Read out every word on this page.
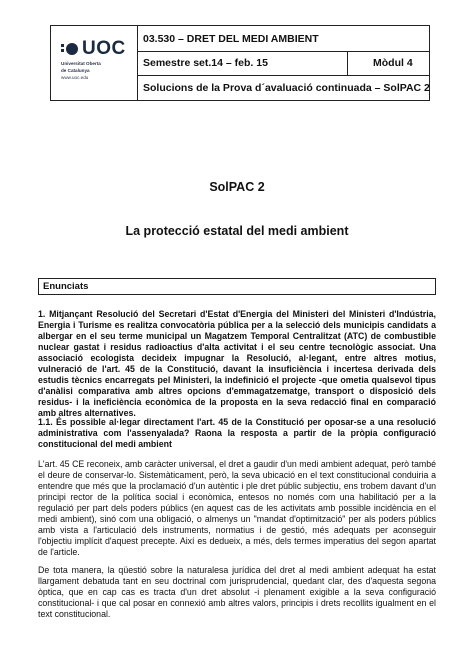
UOC
Universitat Oberta
de Catalunya
www.uoc.edu
03.530 – DRET DEL MEDI AMBIENT
Semestre set.14 – feb. 15	Mòdul 4
Solucions de la Prova d´avaluació continuada – SolPAC 2
SolPAC 2
La protecció estatal del medi ambient
Enunciats
1. Mitjançant Resolució del Secretari d'Estat d'Energia del Ministeri del Ministeri d'Indústria, Energia i Turisme es realitza convocatòria pública per a la selecció dels municipis candidats a albergar en el seu terme municipal un Magatzem Temporal Centralitzat (ATC) de combustible nuclear gastat i residus radioactius d'alta activitat i el seu centre tecnològic associat. Una associació ecologista decideix impugnar la Resolució, al·legant, entre altres motius, vulneració de l'art. 45 de la Constitució, davant la insuficiència i incertesa derivada dels estudis tècnics encarregats pel Ministeri, la indefinició el projecte -que ometia qualsevol tipus d'anàlisi comparativa amb altres opcions d'emmagatzematge, transport o disposició dels residus- i la ineficiència econòmica de la proposta en la seva redacció final en comparació amb altres alternatives.
1.1. És possible al·legar directament l'art. 45 de la Constitució per oposar-se a una resolució administrativa com l'assenyalada? Raona la resposta a partir de la pròpia configuració constitucional del medi ambient
L'art. 45 CE reconeix, amb caràcter universal, el dret a gaudir d'un medi ambient adequat, però també el deure de conservar-lo. Sistemàticament, però, la seva ubicació en el text constitucional conduiria a entendre que més que la proclamació d'un autèntic i ple dret públic subjectiu, ens trobem davant d'un principi rector de la política social i econòmica, entesos no només com una habilitació per a la regulació per part dels poders públics (en aquest cas de les activitats amb possible incidència en el medi ambient), sinó com una obligació, o almenys un "mandat d'optimització" per als poders públics amb vista a l'articulació dels instruments, normatius i de gestió, més adequats per aconseguir l'objectiu implícit d'aquest precepte. Així es dedueix, a més, dels termes imperatius del segon apartat de l'article.
De tota manera, la qüestió sobre la naturalesa jurídica del dret al medi ambient adequat ha estat llargament debatuda tant en seu doctrinal com jurisprudencial, quedant clar, des d'aquesta segona òptica, que en cap cas es tracta d'un dret absolut -i plenament exigible a la seva configuració constitucional- i que cal posar en connexió amb altres valors, principis i drets recollits igualment en el text constitucional.
